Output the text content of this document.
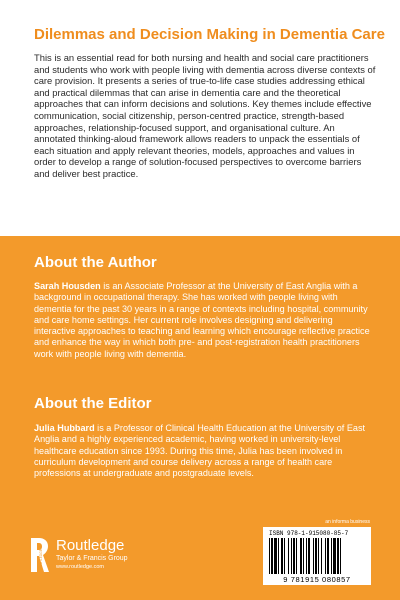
Dilemmas and Decision Making in Dementia Care
This is an essential read for both nursing and health and social care practitioners and students who work with people living with dementia across diverse contexts of care provision. It presents a series of true-to-life case studies addressing ethical and practical dilemmas that can arise in dementia care and the theoretical approaches that can inform decisions and solutions. Key themes include effective communication, social citizenship, person-centred practice, strength-based approaches, relationship-focused support, and organisational culture. An annotated thinking-aloud framework allows readers to unpack the essentials of each situation and apply relevant theories, models, approaches and values in order to develop a range of solution-focused perspectives to overcome barriers and deliver best practice.
About the Author
Sarah Housden is an Associate Professor at the University of East Anglia with a background in occupational therapy. She has worked with people living with dementia for the past 30 years in a range of contexts including hospital, community and care home settings. Her current role involves designing and delivering interactive approaches to teaching and learning which encourage reflective practice and enhance the way in which both pre- and post-registration health practitioners work with people living with dementia.
About the Editor
Julia Hubbard is a Professor of Clinical Health Education at the University of East Anglia and a highly experienced academic, having worked in university-level healthcare education since 1993. During this time, Julia has been involved in curriculum development and course delivery across a range of health care professions at undergraduate and postgraduate levels.
ROUTLEDGE
Routledge
Taylor & Francis Group
www.routledge.com
an informa business
ISBN 978-1-915080-85-7
9 781915 080857
